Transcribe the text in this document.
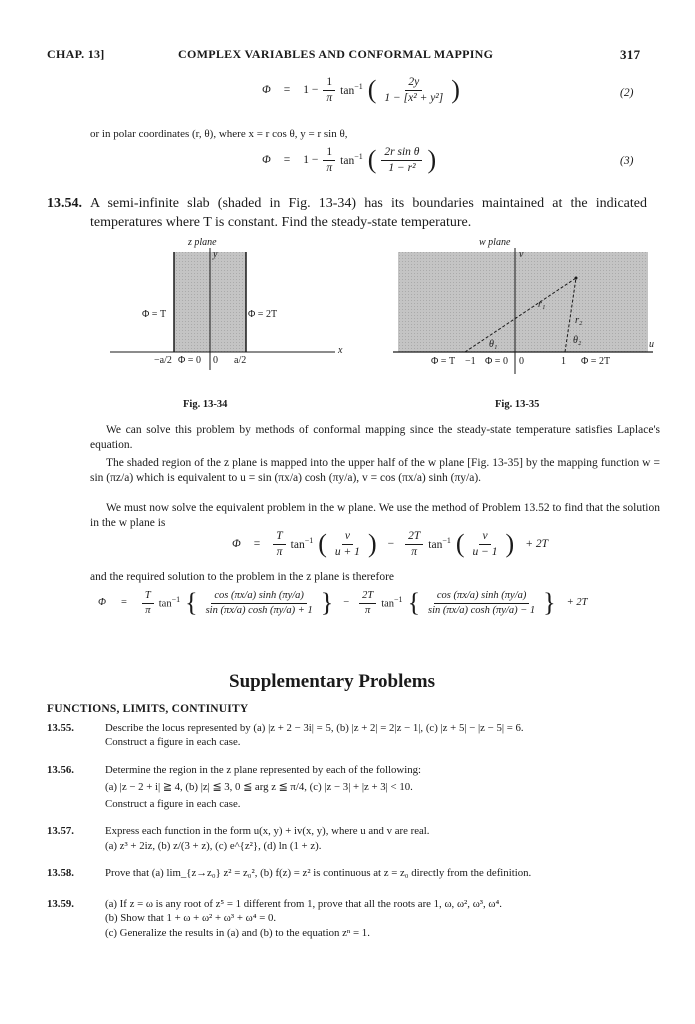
CHAP. 13]	COMPLEX VARIABLES AND CONFORMAL MAPPING	317
$\Phi = 1 - \frac{1}{\pi} \tan^{-1}$ ( $\frac{2y}{\text{1 − [x² + y²]}}$ )	(2)
or in polar coordinates (r, θ), where x = r cos θ, y = r sin θ,
$\Phi = 1 - \frac{1}{\pi} \tan^{-1}$ ( $\frac{\text{2r sin θ}}{\text{1 − r²}}$ )	(3)
13.54. A semi-infinite slab (shaded in Fig. 13-34) has its boundaries maintained at the indicated temperatures where T is constant. Find the steady-state temperature.
z plane
y
x
Φ = T	Φ = 2T
−a/2 Φ = 0 0 a/2
Fig. 13-34
w plane
v
u
r₁
r₂
θ₁	θ₂
Φ = T −1 Φ = 0 0	1 Φ = 2T
Fig. 13-35
We can solve this problem by methods of conformal mapping since the steady-state temperature satisfies Laplace's equation.
The shaded region of the z plane is mapped into the upper half of the w plane [Fig. 13-35] by the mapping function w = sin (πz/a) which is equivalent to u = sin (πx/a) cosh (πy/a), v = cos (πx/a) sinh (πy/a).
We must now solve the equivalent problem in the w plane. We use the method of Problem 13.52 to find that the solution in the w plane is
$\Phi = \frac{T}{\pi} \tan^{-1}$ ( $\frac{v}{u + 1}$ ) − $\frac{2T}{\pi} \tan^{-1}$ ( $\frac{v}{u - 1}$ ) + 2T
and the required solution to the problem in the z plane is therefore
$\Phi = \frac{T}{\pi} \tan^{-1}$ { $\frac{\cos (\pi x/a) \sinh (\pi y/a)}{\sin (\pi x/a) \cosh (\pi y/a) + 1}$ } − $\frac{2T}{\pi} \tan^{-1}$ { $\frac{\cos (\pi x/a) \sinh (\pi y/a)}{\sin (\pi x/a) \cosh (\pi y/a) - 1}$ } + 2T
Supplementary Problems
FUNCTIONS, LIMITS, CONTINUITY
13.55.	Describe the locus represented by (a) |z + 2 − 3i| = 5, (b) |z + 2| = 2|z − 1|, (c) |z + 5| − |z − 5| = 6.
Construct a figure in each case.
13.56.	Determine the region in the z plane represented by each of the following:
(a) |z − 2 + i| ≧ 4, (b) |z| ≦ 3, 0 ≦ arg z ≦ π/4, (c) |z − 3| + |z + 3| < 10.
Construct a figure in each case.
13.57.	Express each function in the form u(x, y) + iv(x, y), where u and v are real.
(a) z³ + 2iz, (b) z/(3 + z), (c) e^{z²}, (d) ln (1 + z).
13.58.	Prove that (a) lim_{z→z₀} z² = z₀², (b) f(z) = z² is continuous at z = z₀ directly from the definition.
13.59.	(a) If z = ω is any root of z⁵ = 1 different from 1, prove that all the roots are 1, ω, ω², ω³, ω⁴.
(b) Show that 1 + ω + ω² + ω³ + ω⁴ = 0.
(c) Generalize the results in (a) and (b) to the equation zⁿ = 1.
